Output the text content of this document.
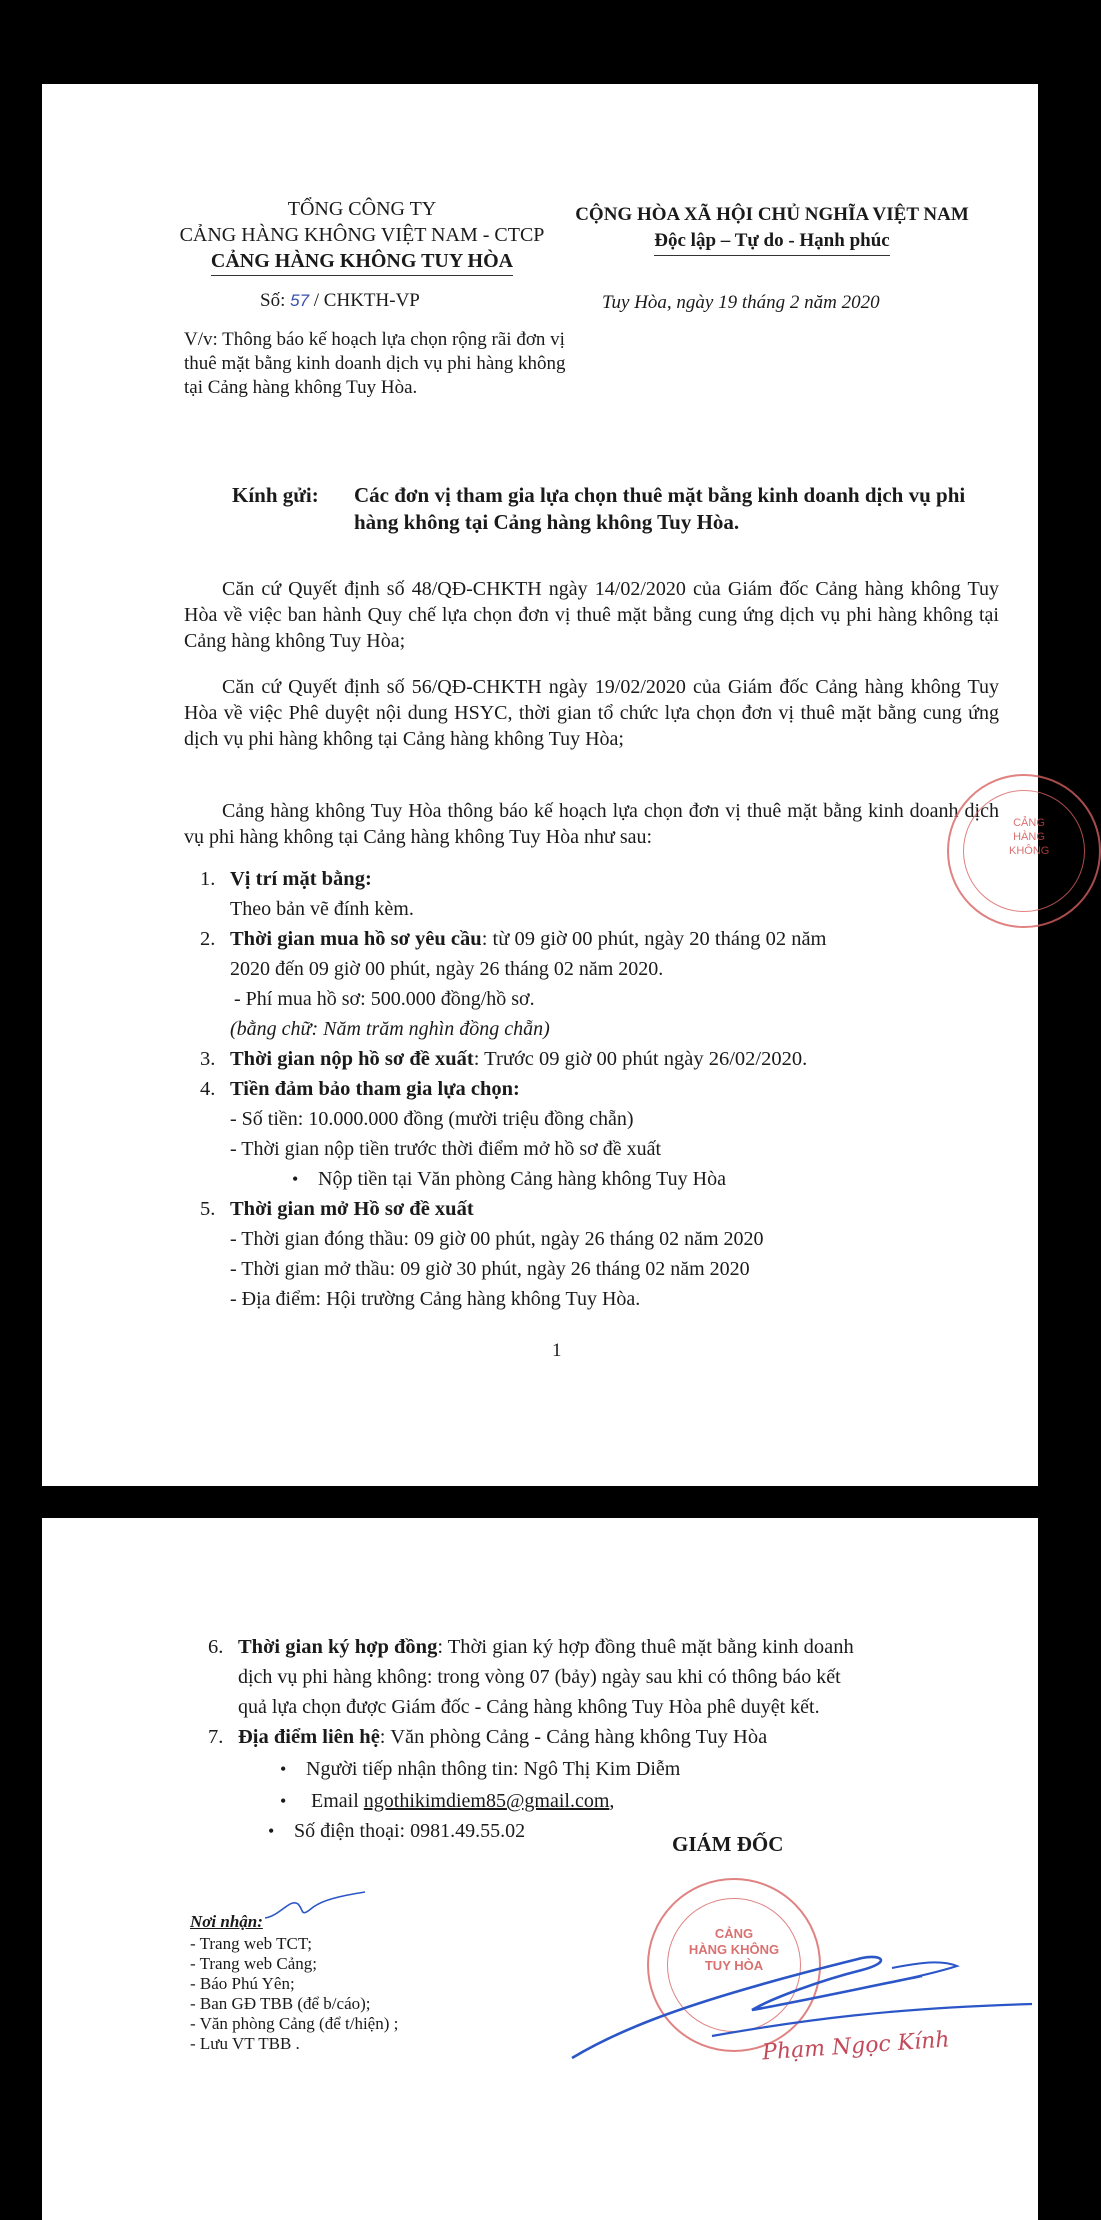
TỔNG CÔNG TY
CẢNG HÀNG KHÔNG VIỆT NAM - CTCP
CẢNG HÀNG KHÔNG TUY HÒA
CỘNG HÒA XÃ HỘI CHỦ NGHĨA VIỆT NAM
Độc lập – Tự do - Hạnh phúc
Số: 57 / CHKTH-VP	Tuy Hòa, ngày 19 tháng 2 năm 2020
V/v: Thông báo kế hoạch lựa chọn rộng rãi đơn vị thuê mặt bằng kinh doanh dịch vụ phi hàng không tại Cảng hàng không Tuy Hòa.
Kính gửi: Các đơn vị tham gia lựa chọn thuê mặt bằng kinh doanh dịch vụ phi hàng không tại Cảng hàng không Tuy Hòa.
Căn cứ Quyết định số 48/QĐ-CHKTH ngày 14/02/2020 của Giám đốc Cảng hàng không Tuy Hòa về việc ban hành Quy chế lựa chọn đơn vị thuê mặt bằng cung ứng dịch vụ phi hàng không tại Cảng hàng không Tuy Hòa;
Căn cứ Quyết định số 56/QĐ-CHKTH ngày 19/02/2020 của Giám đốc Cảng hàng không Tuy Hòa về việc Phê duyệt nội dung HSYC, thời gian tổ chức lựa chọn đơn vị thuê mặt bằng cung ứng dịch vụ phi hàng không tại Cảng hàng không Tuy Hòa;
Cảng hàng không Tuy Hòa thông báo kế hoạch lựa chọn đơn vị thuê mặt bằng kinh doanh dịch vụ phi hàng không tại Cảng hàng không Tuy Hòa như sau:
1. Vị trí mặt bằng:
Theo bản vẽ đính kèm.
2. Thời gian mua hồ sơ yêu cầu: từ 09 giờ 00 phút, ngày 20 tháng 02 năm
2020 đến 09 giờ 00 phút, ngày 26 tháng 02 năm 2020.
- Phí mua hồ sơ: 500.000 đồng/hồ sơ.
(bằng chữ: Năm trăm nghìn đồng chẵn)
3. Thời gian nộp hồ sơ đề xuất: Trước 09 giờ 00 phút ngày 26/02/2020.
4. Tiền đảm bảo tham gia lựa chọn:
- Số tiền: 10.000.000 đồng (mười triệu đồng chẵn)
- Thời gian nộp tiền trước thời điểm mở hồ sơ đề xuất
• Nộp tiền tại Văn phòng Cảng hàng không Tuy Hòa
5. Thời gian mở Hồ sơ đề xuất
- Thời gian đóng thầu: 09 giờ 00 phút, ngày 26 tháng 02 năm 2020
- Thời gian mở thầu: 09 giờ 30 phút, ngày 26 tháng 02 năm 2020
- Địa điểm: Hội trường Cảng hàng không Tuy Hòa.
1
CẢNG
HÀNG KHÔNG
6. Thời gian ký hợp đồng: Thời gian ký hợp đồng thuê mặt bằng kinh doanh
dịch vụ phi hàng không: trong vòng 07 (bảy) ngày sau khi có thông báo kết
quả lựa chọn được Giám đốc - Cảng hàng không Tuy Hòa phê duyệt kết.
7. Địa điểm liên hệ: Văn phòng Cảng - Cảng hàng không Tuy Hòa
• Người tiếp nhận thông tin: Ngô Thị Kim Diễm
• Email ngothikimdiem85@gmail.com,
• Số điện thoại: 0981.49.55.02
Nơi nhận:
- Trang web TCT;
- Trang web Cảng;
- Báo Phú Yên;
- Ban GĐ TBB (để b/cáo);
- Văn phòng Cảng (để t/hiện) ;
- Lưu VT TBB .
GIÁM ĐỐC
CẢNG
HÀNG KHÔNG
TUY HÒA
Phạm Ngọc Kính
